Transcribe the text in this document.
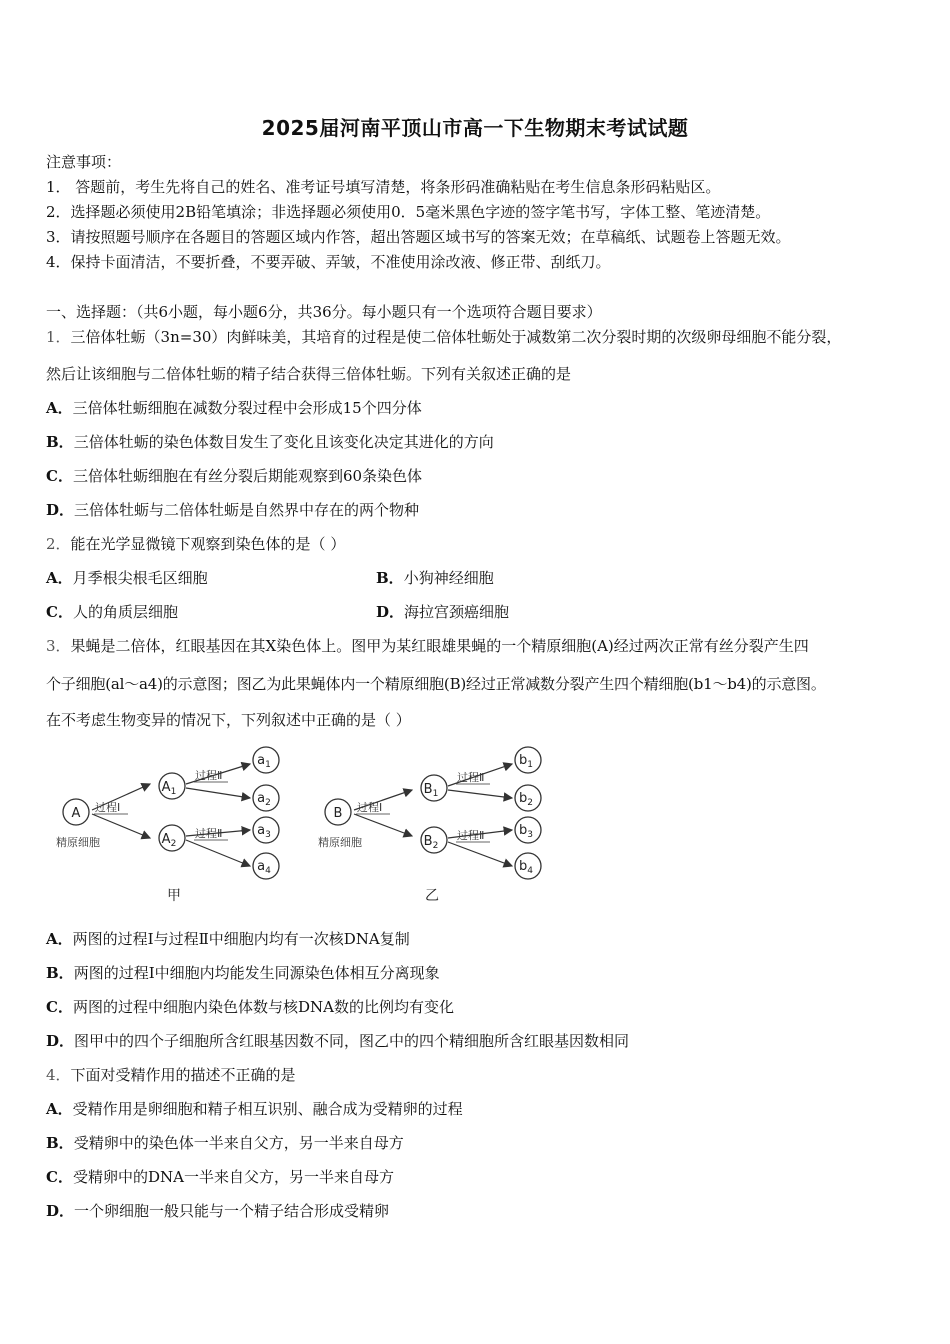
2025届河南平顶山市高一下生物期末考试试题
注意事项：
1． 答题前，考生先将自己的姓名、准考证号填写清楚，将条形码准确粘贴在考生信息条形码粘贴区。
2．选择题必须使用2B铅笔填涂；非选择题必须使用0．5毫米黑色字迹的签字笔书写，字体工整、笔迹清楚。
3．请按照题号顺序在各题目的答题区域内作答，超出答题区域书写的答案无效；在草稿纸、试题卷上答题无效。
4．保持卡面清洁，不要折叠，不要弄破、弄皱，不准使用涂改液、修正带、刮纸刀。
一、选择题：（共6小题，每小题6分，共36分。每小题只有一个选项符合题目要求）
1．三倍体牡蛎（3n=30）肉鲜味美，其培育的过程是使二倍体牡蛎处于减数第二次分裂时期的次级卵母细胞不能分裂，
然后让该细胞与二倍体牡蛎的精子结合获得三倍体牡蛎。下列有关叙述正确的是
A．三倍体牡蛎细胞在减数分裂过程中会形成15个四分体
B．三倍体牡蛎的染色体数目发生了变化且该变化决定其进化的方向
C．三倍体牡蛎细胞在有丝分裂后期能观察到60条染色体
D．三倍体牡蛎与二倍体牡蛎是自然界中存在的两个物种
2．能在光学显微镜下观察到染色体的是（ ）
A．月季根尖根毛区细胞	B．小狗神经细胞
C．人的角质层细胞	D．海拉宫颈癌细胞
3．果蝇是二倍体，红眼基因在其X染色体上。图甲为某红眼雄果蝇的一个精原细胞(A)经过两次正常有丝分裂产生四
个子细胞(al～a4)的示意图；图乙为此果蝇体内一个精原细胞(B)经过正常减数分裂产生四个精细胞(b1～b4)的示意图。
在不考虑生物变异的情况下，下列叙述中正确的是（ ）
A
$A_1$
$A_2$
$a_1$
$a_2$
$a_3$
$a_4$
B
$B_1$
$B_2$
$b_1$
$b_2$
$b_3$
$b_4$
过程Ⅰ
过程Ⅱ
过程Ⅱ
过程Ⅰ
过程Ⅱ
过程Ⅱ
精原细胞	精原细胞
甲	乙
A．两图的过程Ⅰ与过程Ⅱ中细胞内均有一次核DNA复制
B．两图的过程Ⅰ中细胞内均能发生同源染色体相互分离现象
C．两图的过程中细胞内染色体数与核DNA数的比例均有变化
D．图甲中的四个子细胞所含红眼基因数不同，图乙中的四个精细胞所含红眼基因数相同
4．下面对受精作用的描述不正确的是
A．受精作用是卵细胞和精子相互识别、融合成为受精卵的过程
B．受精卵中的染色体一半来自父方，另一半来自母方
C．受精卵中的DNA一半来自父方，另一半来自母方
D．一个卵细胞一般只能与一个精子结合形成受精卵
